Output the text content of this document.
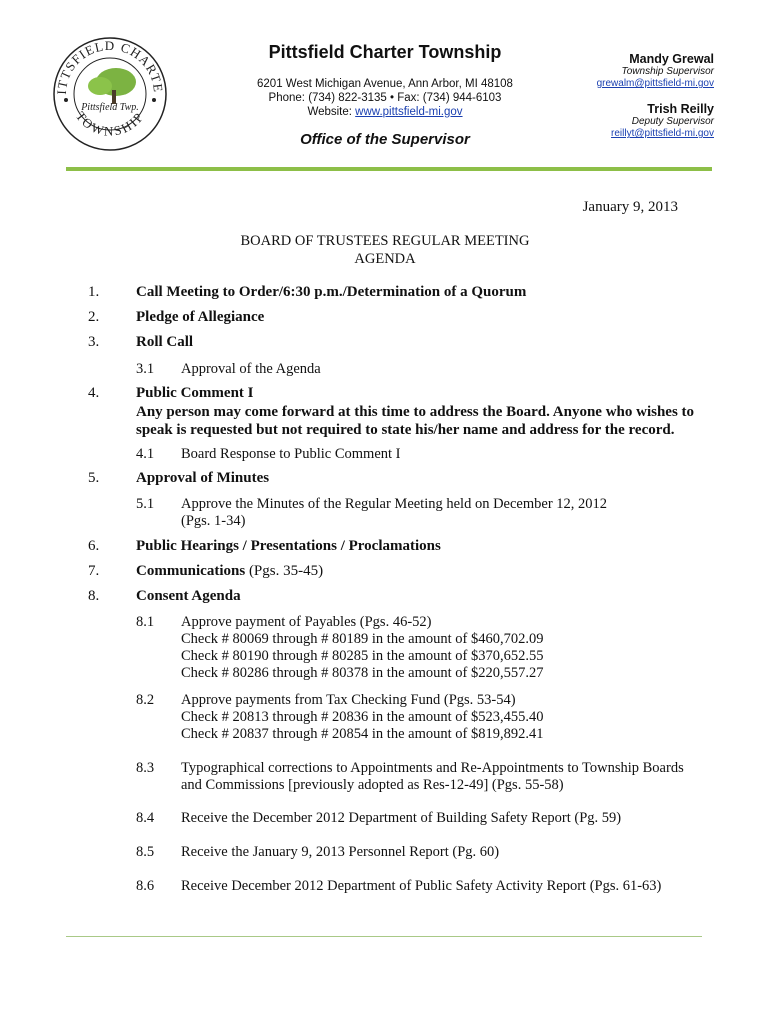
ITTSFIELD CHARTE
TOWNSHIP
Pittsfield Twp.
Pittsfield Charter Township
6201 West Michigan Avenue, Ann Arbor, MI 48108
Phone: (734) 822-3135 • Fax: (734) 944-6103
Website: www.pittsfield-mi.gov
Office of the Supervisor
Mandy Grewal
Township Supervisor
grewalm@pittsfield-mi.gov
Trish Reilly
Deputy Supervisor
reillyt@pittsfield-mi.gov
January 9, 2013
BOARD OF TRUSTEES REGULAR MEETING
AGENDA
1.	Call Meeting to Order/6:30 p.m./Determination of a Quorum
2.	Pledge of Allegiance
3.	Roll Call
3.1	Approval of the Agenda
4.	Public Comment I
Any person may come forward at this time to address the Board. Anyone who wishes to
speak is requested but not required to state his/her name and address for the record.
4.1	Board Response to Public Comment I
5.	Approval of Minutes
5.1	Approve the Minutes of the Regular Meeting held on December 12, 2012
(Pgs. 1-34)
6.	Public Hearings / Presentations / Proclamations
7.	Communications (Pgs. 35-45)
8.	Consent Agenda
8.1	Approve payment of Payables (Pgs. 46-52)
Check # 80069 through # 80189 in the amount of $460,702.09
Check # 80190 through # 80285 in the amount of $370,652.55
Check # 80286 through # 80378 in the amount of $220,557.27
8.2	Approve payments from Tax Checking Fund (Pgs. 53-54)
Check # 20813 through # 20836 in the amount of $523,455.40
Check # 20837 through # 20854 in the amount of $819,892.41
8.3	Typographical corrections to Appointments and Re-Appointments to Township Boards
and Commissions [previously adopted as Res-12-49] (Pgs. 55-58)
8.4	Receive the December 2012 Department of Building Safety Report (Pg. 59)
8.5	Receive the January 9, 2013 Personnel Report (Pg. 60)
8.6	Receive December 2012 Department of Public Safety Activity Report (Pgs. 61-63)
